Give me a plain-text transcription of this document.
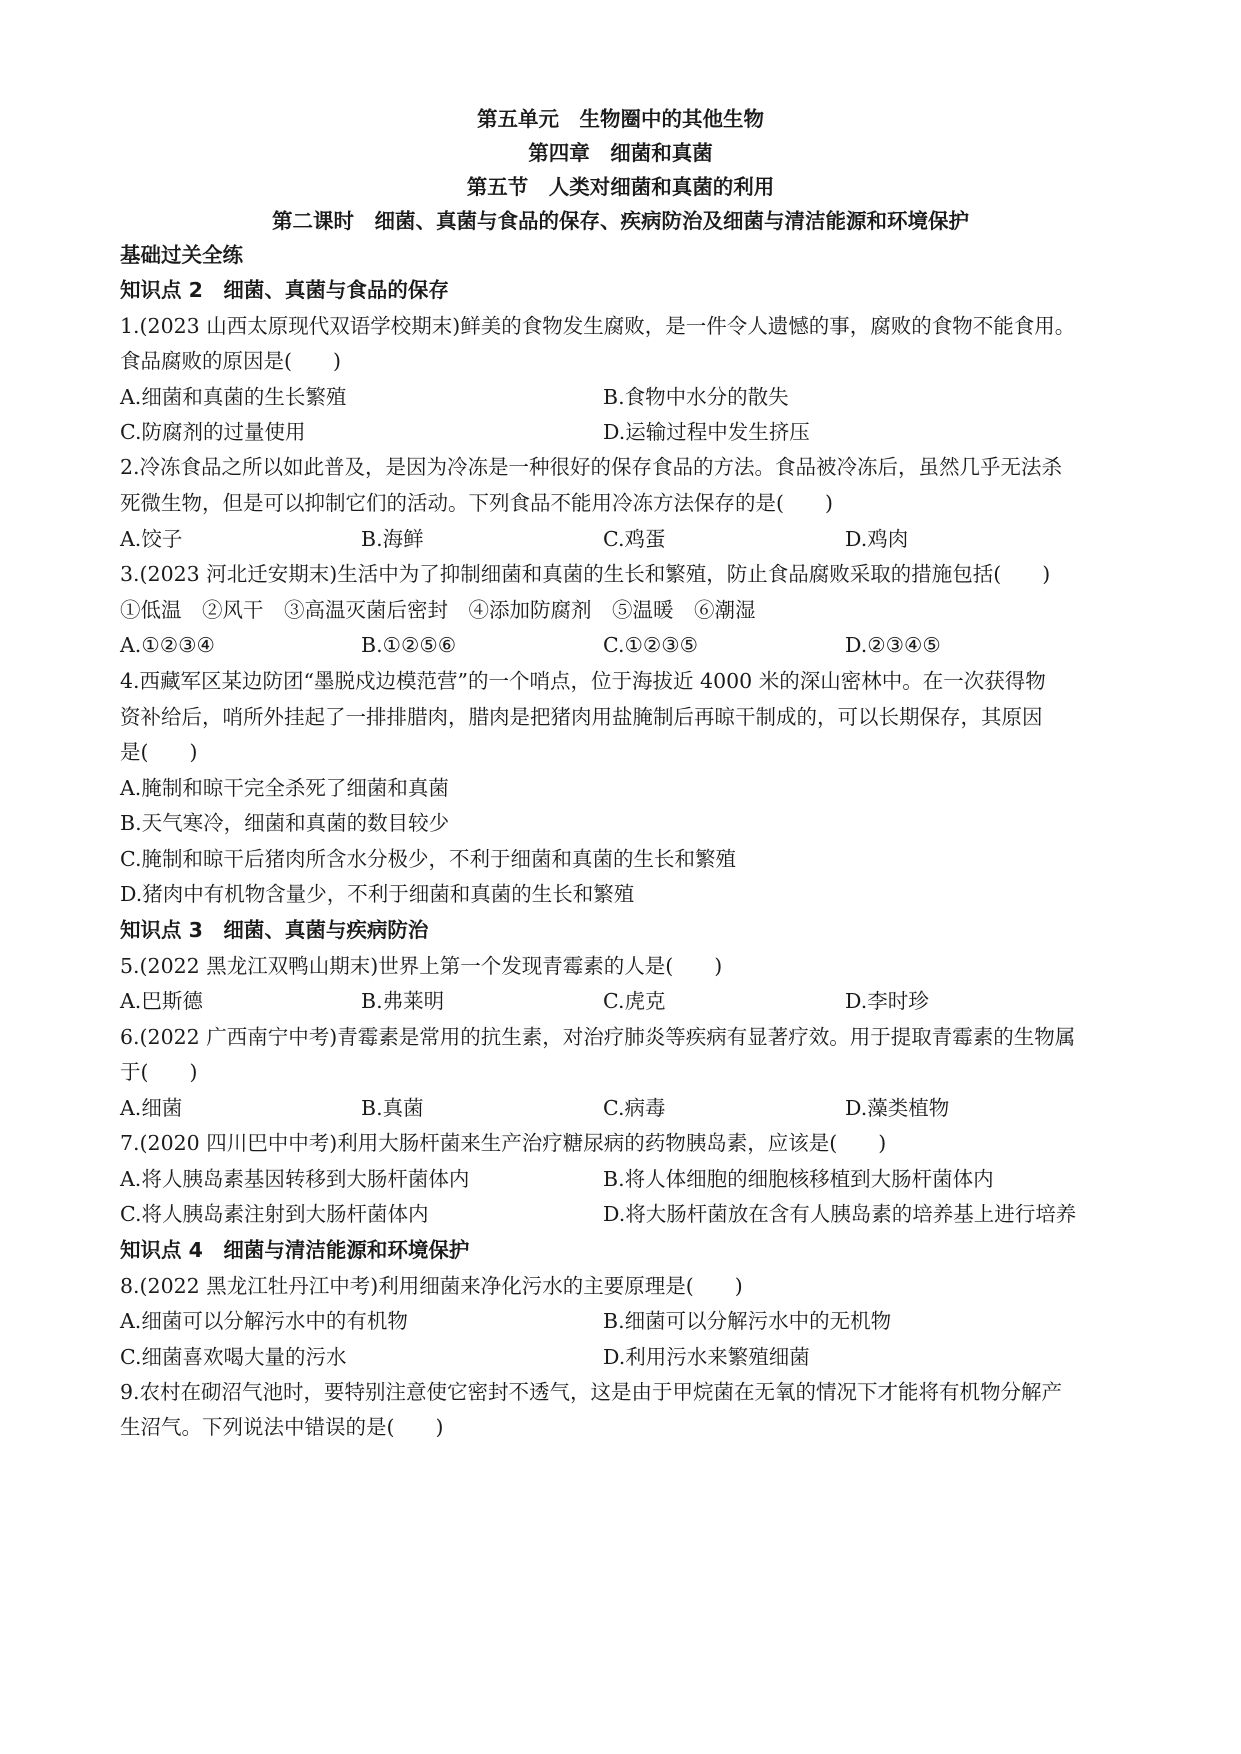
第五单元　生物圈中的其他生物
第四章　细菌和真菌
第五节　人类对细菌和真菌的利用
第二课时　细菌、真菌与食品的保存、疾病防治及细菌与清洁能源和环境保护
基础过关全练
知识点 2　细菌、真菌与食品的保存
1.(2023 山西太原现代双语学校期末)鲜美的食物发生腐败，是一件令人遗憾的事，腐败的食物不能食用。
食品腐败的原因是(　　)
A.细菌和真菌的生长繁殖	B.食物中水分的散失
C.防腐剂的过量使用	D.运输过程中发生挤压
2.冷冻食品之所以如此普及，是因为冷冻是一种很好的保存食品的方法。食品被冷冻后，虽然几乎无法杀
死微生物，但是可以抑制它们的活动。下列食品不能用冷冻方法保存的是(　　)
A.饺子	B.海鲜	C.鸡蛋	D.鸡肉
3.(2023 河北迁安期末)生活中为了抑制细菌和真菌的生长和繁殖，防止食品腐败采取的措施包括(　　)
①低温　②风干　③高温灭菌后密封　④添加防腐剂　⑤温暖　⑥潮湿
A.①②③④	B.①②⑤⑥	C.①②③⑤	D.②③④⑤
4.西藏军区某边防团“墨脱戍边模范营”的一个哨点，位于海拔近 4000 米的深山密林中。在一次获得物
资补给后，哨所外挂起了一排排腊肉，腊肉是把猪肉用盐腌制后再晾干制成的，可以长期保存，其原因
是(　　)
A.腌制和晾干完全杀死了细菌和真菌
B.天气寒冷，细菌和真菌的数目较少
C.腌制和晾干后猪肉所含水分极少，不利于细菌和真菌的生长和繁殖
D.猪肉中有机物含量少，不利于细菌和真菌的生长和繁殖
知识点 3　细菌、真菌与疾病防治
5.(2022 黑龙江双鸭山期末)世界上第一个发现青霉素的人是(　　)
A.巴斯德	B.弗莱明	C.虎克	D.李时珍
6.(2022 广西南宁中考)青霉素是常用的抗生素，对治疗肺炎等疾病有显著疗效。用于提取青霉素的生物属
于(　　)
A.细菌	B.真菌	C.病毒	D.藻类植物
7.(2020 四川巴中中考)利用大肠杆菌来生产治疗糖尿病的药物胰岛素，应该是(　　)
A.将人胰岛素基因转移到大肠杆菌体内	B.将人体细胞的细胞核移植到大肠杆菌体内
C.将人胰岛素注射到大肠杆菌体内	D.将大肠杆菌放在含有人胰岛素的培养基上进行培养
知识点 4　细菌与清洁能源和环境保护
8.(2022 黑龙江牡丹江中考)利用细菌来净化污水的主要原理是(　　)
A.细菌可以分解污水中的有机物	B.细菌可以分解污水中的无机物
C.细菌喜欢喝大量的污水	D.利用污水来繁殖细菌
9.农村在砌沼气池时，要特别注意使它密封不透气，这是由于甲烷菌在无氧的情况下才能将有机物分解产
生沼气。下列说法中错误的是(　　)
